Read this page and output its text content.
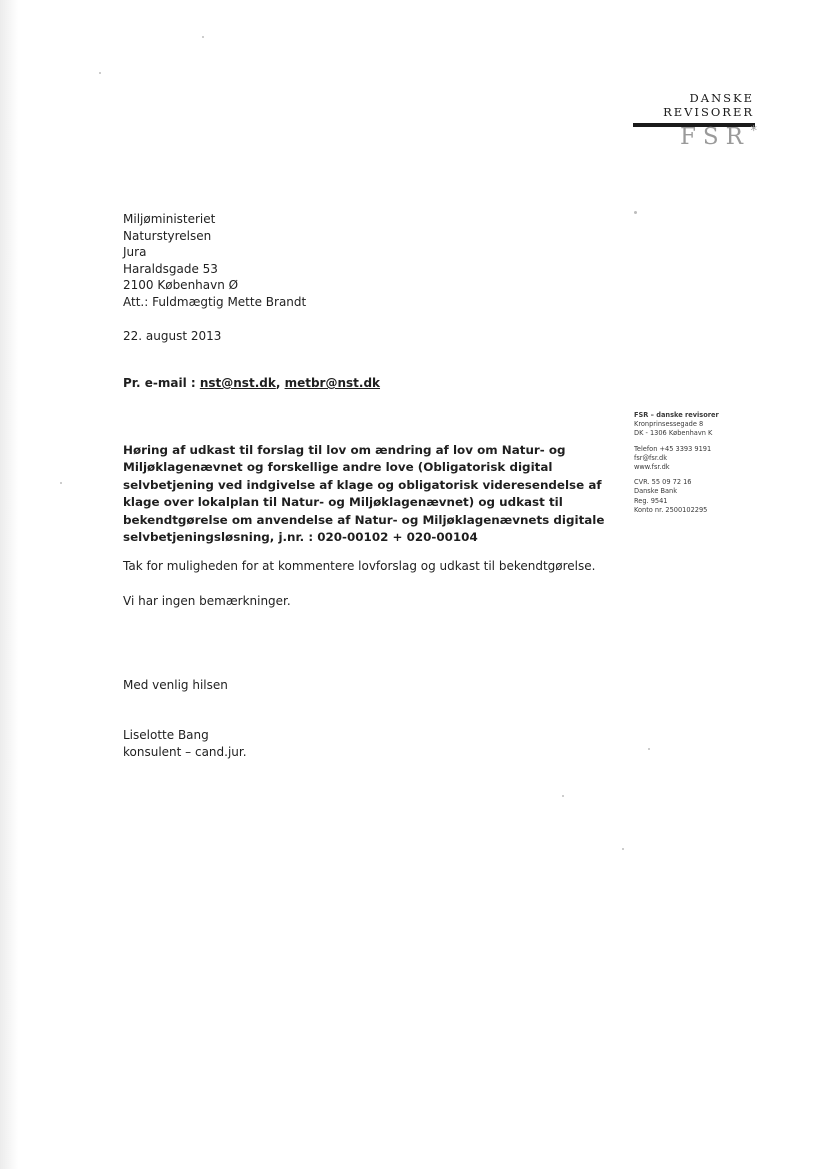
DANSKE
REVISORER
FSR *
Miljøministeriet
Naturstyrelsen
Jura
Haraldsgade 53
2100 København Ø
Att.: Fuldmægtig Mette Brandt
22. august 2013
Pr. e-mail : nst@nst.dk, metbr@nst.dk
FSR – danske revisorer
Kronprinsessegade 8
DK - 1306 København K
Telefon +45 3393 9191
fsr@fsr.dk
www.fsr.dk
CVR. 55 09 72 16
Danske Bank
Reg. 9541
Konto nr. 2500102295
Høring af udkast til forslag til lov om ændring af lov om Natur- og
Miljøklagenævnet og forskellige andre love (Obligatorisk digital
selvbetjening ved indgivelse af klage og obligatorisk videresendelse af
klage over lokalplan til Natur- og Miljøklagenævnet) og udkast til
bekendtgørelse om anvendelse af Natur- og Miljøklagenævnets digitale
selvbetjeningsløsning, j.nr. : 020-00102 + 020-00104
Tak for muligheden for at kommentere lovforslag og udkast til bekendtgørelse.
Vi har ingen bemærkninger.
Med venlig hilsen
Liselotte Bang
konsulent – cand.jur.
